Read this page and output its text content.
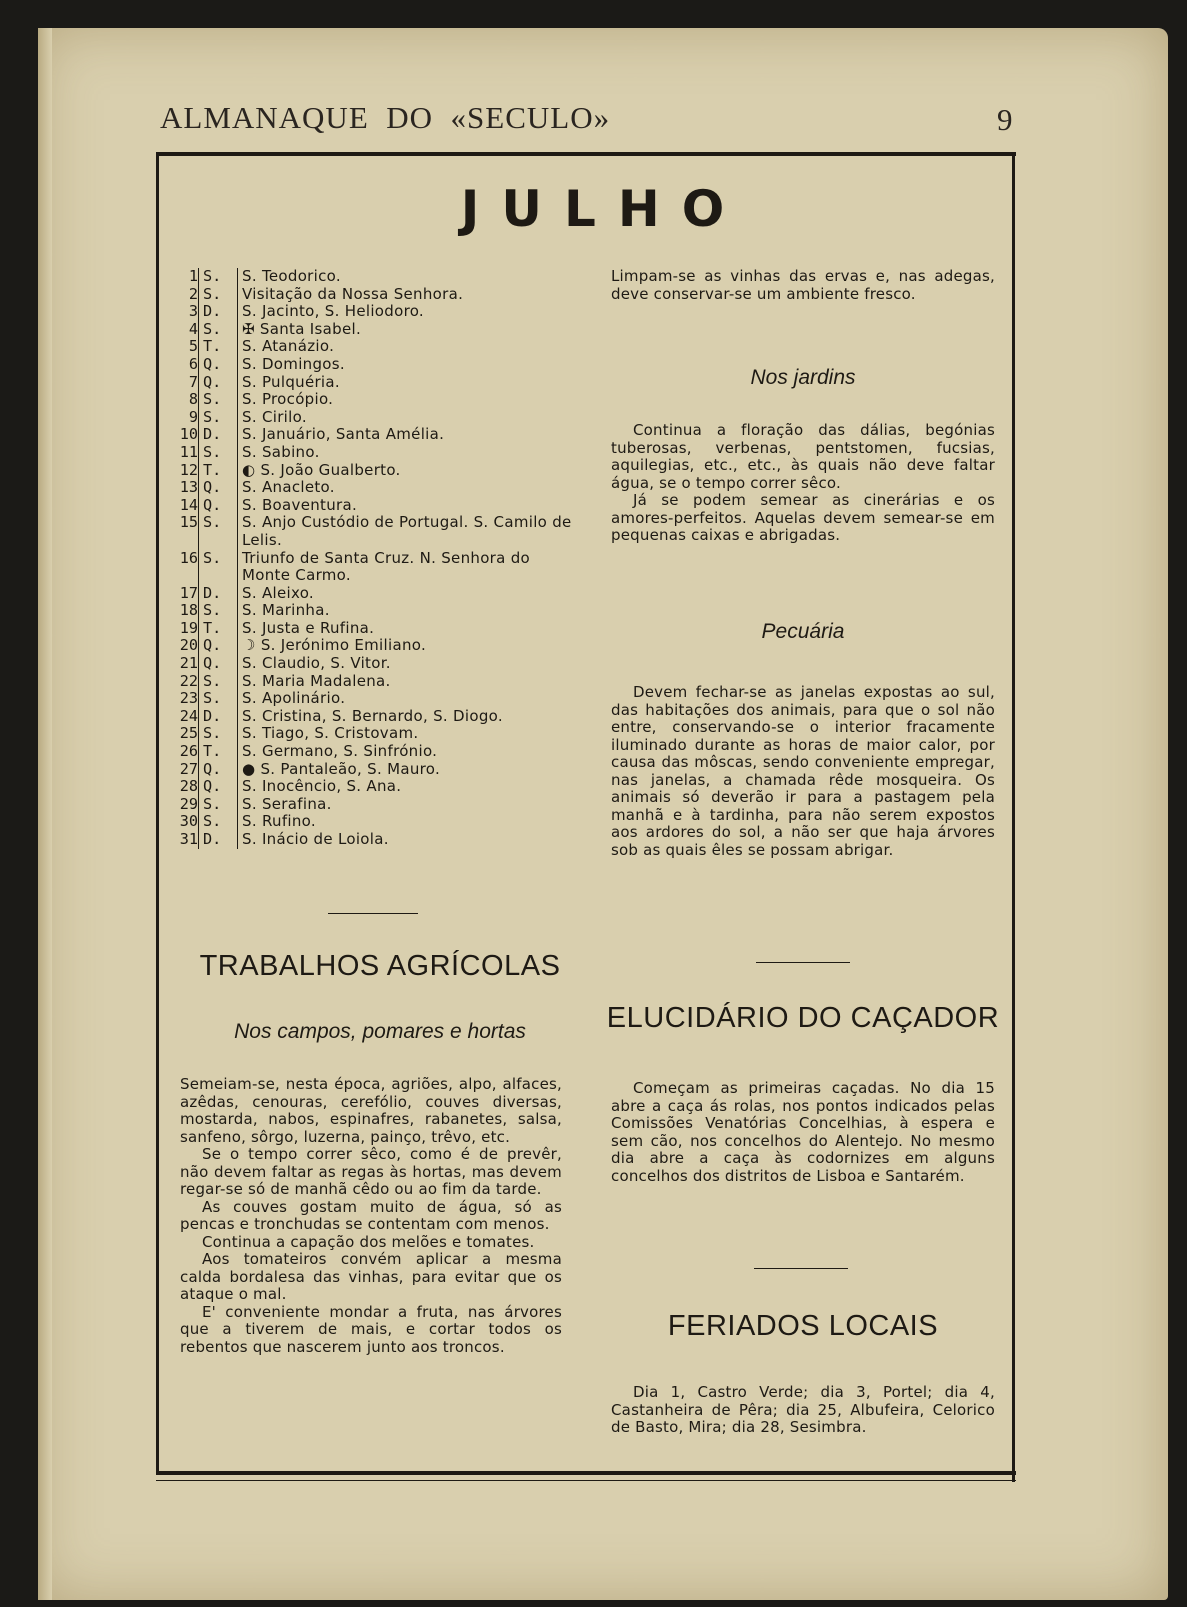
ALMANAQUE  DO  «SECULO»	9
JULHO
1 S.	S. Teodorico.
2 S.	Visitação da Nossa Senhora.
3 D.	S. Jacinto, S. Heliodoro.
4 S.	✠ Santa Isabel.
5 T.	S. Atanázio.
6 Q.	S. Domingos.
7 Q.	S. Pulquéria.
8 S.	S. Procópio.
9 S.	S. Cirilo.
10 D.	S. Januário, Santa Amélia.
11 S.	S. Sabino.
12 T.	◐ S. João Gualberto.
13 Q.	S. Anacleto.
14 Q.	S. Boaventura.
15 S.	S. Anjo Custódio de Portugal. S. Camilo de Lelis.
16 S.	Triunfo de Santa Cruz. N. Senhora do Monte Carmo.
17 D.	S. Aleixo.
18 S.	S. Marinha.
19 T.	S. Justa e Rufina.
20 Q.	☽ S. Jerónimo Emiliano.
21 Q.	S. Claudio, S. Vitor.
22 S.	S. Maria Madalena.
23 S.	S. Apolinário.
24 D.	S. Cristina, S. Bernardo, S. Diogo.
25 S.	S. Tiago, S. Cristovam.
26 T.	S. Germano, S. Sinfrónio.
27 Q.	● S. Pantaleão, S. Mauro.
28 Q.	S. Inocêncio, S. Ana.
29 S.	S. Serafina.
30 S.	S. Rufino.
31 D.	S. Inácio de Loiola.
TRABALHOS AGRÍCOLAS
Nos campos, pomares e hortas

Semeiam-se, nesta época, agriões, alpo, alfaces, azêdas, cenouras, cerefólio, couves diversas, mostarda, nabos, espinafres, rabanetes, salsa, sanfeno, sôrgo, luzerna, painço, trêvo, etc.

Se o tempo correr sêco, como é de prevêr, não devem faltar as regas às hortas, mas devem regar-se só de manhã cêdo ou ao fim da tarde.

As couves gostam muito de água, só as pencas e tronchudas se contentam com menos.

Continua a capação dos melões e tomates.

Aos tomateiros convém aplicar a mesma calda bordalesa das vinhas, para evitar que os ataque o mal.

E' conveniente mondar a fruta, nas árvores que a tiverem de mais, e cortar todos os rebentos que nascerem junto aos troncos.

Limpam-se as vinhas das ervas e, nas adegas, deve conservar-se um ambiente fresco.

Nos jardins

Continua a floração das dálias, begónias tuberosas, verbenas, pentstomen, fucsias, aquilegias, etc., etc., às quais não deve faltar água, se o tempo correr sêco.

Já se podem semear as cinerárias e os amores-perfeitos. Aquelas devem semear-se em pequenas caixas e abrigadas.

Pecuária

Devem fechar-se as janelas expostas ao sul, das habitações dos animais, para que o sol não entre, conservando-se o interior fracamente iluminado durante as horas de maior calor, por causa das môscas, sendo conveniente empregar, nas janelas, a chamada rêde mosqueira. Os animais só deverão ir para a pastagem pela manhã e à tardinha, para não serem expostos aos ardores do sol, a não ser que haja árvores sob as quais êles se possam abrigar.

ELUCIDÁRIO DO CAÇADOR

Começam as primeiras caçadas. No dia 15 abre a caça ás rolas, nos pontos indicados pelas Comissões Venatórias Concelhias, à espera e sem cão, nos concelhos do Alentejo. No mesmo dia abre a caça às codornizes em alguns concelhos dos distritos de Lisboa e Santarém.

FERIADOS LOCAIS

Dia 1, Castro Verde; dia 3, Portel; dia 4, Castanheira de Pêra; dia 25, Albufeira, Celorico de Basto, Mira; dia 28, Sesimbra.
